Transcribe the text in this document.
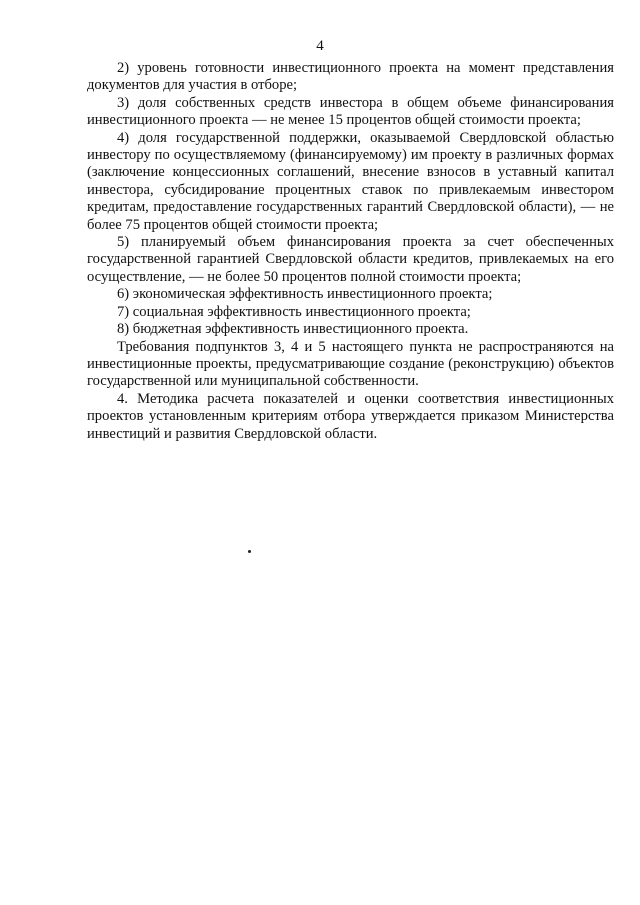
4

2) уровень готовности инвестиционного проекта на момент представления документов для участия в отборе;

3) доля собственных средств инвестора в общем объеме финансирования инвестиционного проекта — не менее 15 процентов общей стоимости проекта;

4) доля государственной поддержки, оказываемой Свердловской областью инвестору по осуществляемому (финансируемому) им проекту в различных формах (заключение концессионных соглашений, внесение взносов в уставный капитал инвестора, субсидирование процентных ставок по привлекаемым инвестором кредитам, предоставление государственных гарантий Свердловской области), — не более 75 процентов общей стоимости проекта;

5) планируемый объем финансирования проекта за счет обеспеченных государственной гарантией Свердловской области кредитов, привлекаемых на его осуществление, — не более 50 процентов полной стоимости проекта;

6) экономическая эффективность инвестиционного проекта;

7) социальная эффективность инвестиционного проекта;

8) бюджетная эффективность инвестиционного проекта.

Требования подпунктов 3, 4 и 5 настоящего пункта не распространяются на инвестиционные проекты, предусматривающие создание (реконструкцию) объектов государственной или муниципальной собственности.

4. Методика расчета показателей и оценки соответствия инвестиционных проектов установленным критериям отбора утверждается приказом Министерства инвестиций и развития Свердловской области.
